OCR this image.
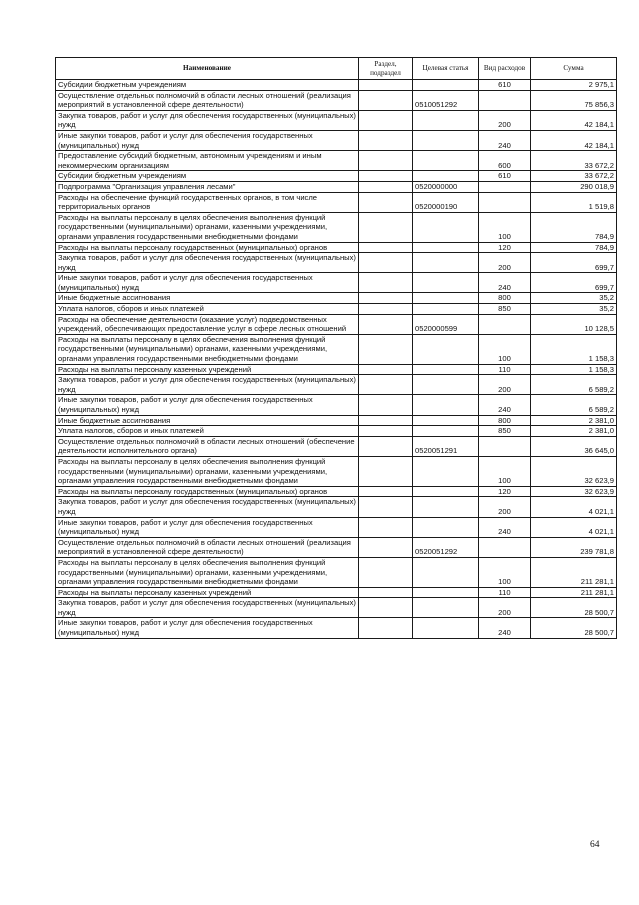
Наименование	Раздел, подраздел	Целевая статья	Вид расходов	Сумма
Субсидии бюджетным учреждениям			610	2 975,1
Осуществление отдельных полномочий в области лесных отношений (реализация мероприятий в установленной сфере деятельности)		0510051292		75 856,3
Закупка товаров, работ и услуг для обеспечения государственных (муниципальных) нужд			200	42 184,1
Иные закупки товаров, работ и услуг для обеспечения государственных (муниципальных) нужд			240	42 184,1
Предоставление субсидий бюджетным, автономным учреждениям и иным некоммерческим организациям			600	33 672,2
Субсидии бюджетным учреждениям			610	33 672,2
Подпрограмма "Организация управления лесами"		0520000000		290 018,9
Расходы на обеспечение функций государственных органов, в том числе территориальных органов		0520000190		1 519,8
Расходы на выплаты персоналу в целях обеспечения выполнения функций государственными (муниципальными) органами, казенными учреждениями, органами управления государственными внебюджетными фондами			100	784,9
Расходы на выплаты персоналу государственных (муниципальных) органов			120	784,9
Закупка товаров, работ и услуг для обеспечения государственных (муниципальных) нужд			200	699,7
Иные закупки товаров, работ и услуг для обеспечения государственных (муниципальных) нужд			240	699,7
Иные бюджетные ассигнования			800	35,2
Уплата налогов, сборов и иных платежей			850	35,2
Расходы на обеспечение деятельности (оказание услуг) подведомственных учреждений, обеспечивающих предоставление услуг в сфере лесных отношений		0520000599		10 128,5
Расходы на выплаты персоналу в целях обеспечения выполнения функций государственными (муниципальными) органами, казенными учреждениями, органами управления государственными внебюджетными фондами			100	1 158,3
Расходы на выплаты персоналу казенных учреждений			110	1 158,3
Закупка товаров, работ и услуг для обеспечения государственных (муниципальных) нужд			200	6 589,2
Иные закупки товаров, работ и услуг для обеспечения государственных (муниципальных) нужд			240	6 589,2
Иные бюджетные ассигнования			800	2 381,0
Уплата налогов, сборов и иных платежей			850	2 381,0
Осуществление отдельных полномочий в области лесных отношений (обеспечение деятельности исполнительного органа)		0520051291		36 645,0
Расходы на выплаты персоналу в целях обеспечения выполнения функций государственными (муниципальными) органами, казенными учреждениями, органами управления государственными внебюджетными фондами			100	32 623,9
Расходы на выплаты персоналу государственных (муниципальных) органов			120	32 623,9
Закупка товаров, работ и услуг для обеспечения государственных (муниципальных) нужд			200	4 021,1
Иные закупки товаров, работ и услуг для обеспечения государственных (муниципальных) нужд			240	4 021,1
Осуществление отдельных полномочий в области лесных отношений (реализация мероприятий в установленной сфере деятельности)		0520051292		239 781,8
Расходы на выплаты персоналу в целях обеспечения выполнения функций государственными (муниципальными) органами, казенными учреждениями, органами управления государственными внебюджетными фондами			100	211 281,1
Расходы на выплаты персоналу казенных учреждений			110	211 281,1
Закупка товаров, работ и услуг для обеспечения государственных (муниципальных) нужд			200	28 500,7
Иные закупки товаров, работ и услуг для обеспечения государственных (муниципальных) нужд			240	28 500,7
64
